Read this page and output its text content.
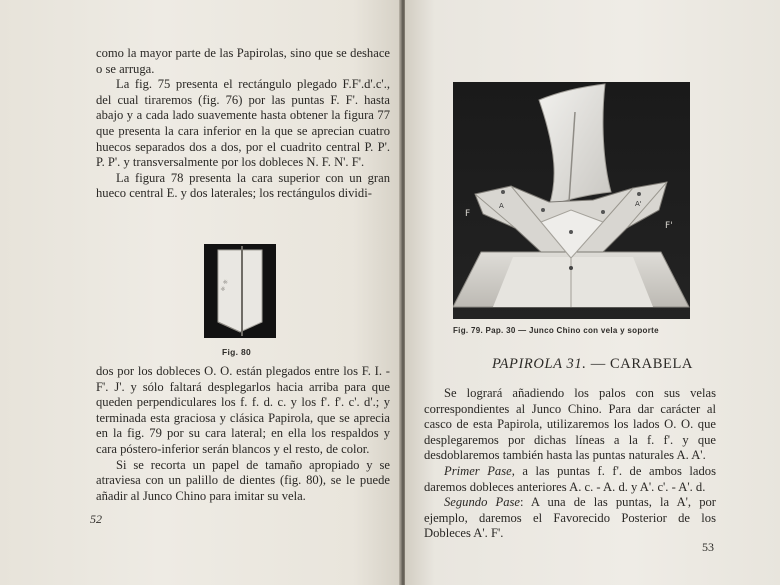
como la mayor parte de las Papirolas, sino que se deshace o se arruga.

La fig. 75 presenta el rectángulo plegado F.F'.d'.c'., del cual tiraremos (fig. 76) por las puntas F. F'. hasta abajo y a cada lado suavemente hasta obtener la figura 77 que presenta la cara inferior en la que se aprecian cuatro huecos separados dos a dos, por el cuadrito central P. P'. P. P'. y transversalmente por los dobleces N. F. N'. F'.

La figura 78 presenta la cara superior con un gran hueco central E. y dos laterales; los rectángulos dividi-

☼ ☼
Fig. 80

dos por los dobleces O. O. están plegados entre los F. I. - F'. J'. y sólo faltará desplegarlos hacia arriba para que queden perpendiculares los f. f. d. c. y los f'. f'. c'. d'.; y terminada esta graciosa y clásica Papirola, que se aprecia en la fig. 79 por su cara lateral; en ella los respaldos y cara póstero-inferior serán blancos y el resto, de color.

Si se recorta un papel de tamaño apropiado y se atraviesa con un palillo de dientes (fig. 80), se le puede añadir al Junco Chino para imitar su vela.

52
F
F'
A	A'
Fig. 79. Pap. 30 — Junco Chino con vela y soporte
PAPIROLA 31. — CARABELA

Se logrará añadiendo los palos con sus velas correspondientes al Junco Chino. Para dar carácter al casco de esta Papirola, utilizaremos los lados O. O. que desplegaremos por dichas líneas a la f. f'. y que desdoblaremos también hasta las puntas naturales A. A'.

Primer Pase, a las puntas f. f'. de ambos lados daremos dobleces anteriores A. c. - A. d. y A'. c'. - A'. d.

Segundo Pase: A una de las puntas, la A', por ejemplo, daremos el Favorecido Posterior de los Dobleces A'. F'.

53
